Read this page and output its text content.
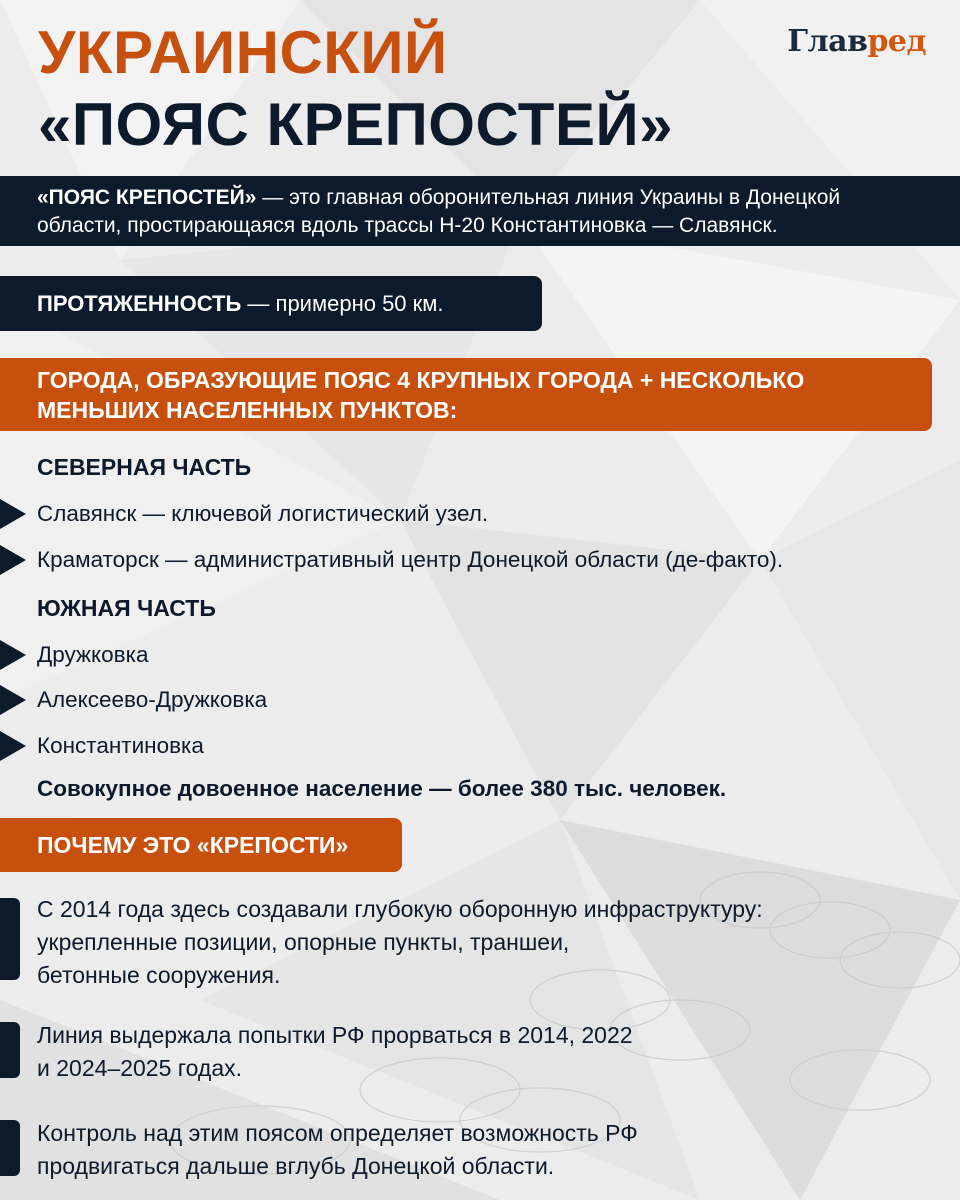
УКРАИНСКИЙ
«ПОЯС КРЕПОСТЕЙ»
Главред
«ПОЯС КРЕПОСТЕЙ» — это главная оборонительная линия Украины в Донецкой
области, простирающаяся вдоль трассы Н-20 Константиновка — Славянск.
ПРОТЯЖЕННОСТЬ — примерно 50 км.
ГОРОДА, ОБРАЗУЮЩИЕ ПОЯС 4 КРУПНЫХ ГОРОДА + НЕСКОЛЬКО
МЕНЬШИХ НАСЕЛЕННЫХ ПУНКТОВ:
СЕВЕРНАЯ ЧАСТЬ
Славянск — ключевой логистический узел.
Краматорск — административный центр Донецкой области (де-факто).
ЮЖНАЯ ЧАСТЬ
Дружковка
Алексеево-Дружковка
Константиновка
Совокупное довоенное население — более 380 тыс. человек.
ПОЧЕМУ ЭТО «КРЕПОСТИ»
С 2014 года здесь создавали глубокую оборонную инфраструктуру:
укрепленные позиции, опорные пункты, траншеи,
бетонные сооружения.
Линия выдержала попытки РФ прорваться в 2014, 2022
и 2024–2025 годах.
Контроль над этим поясом определяет возможность РФ
продвигаться дальше вглубь Донецкой области.
